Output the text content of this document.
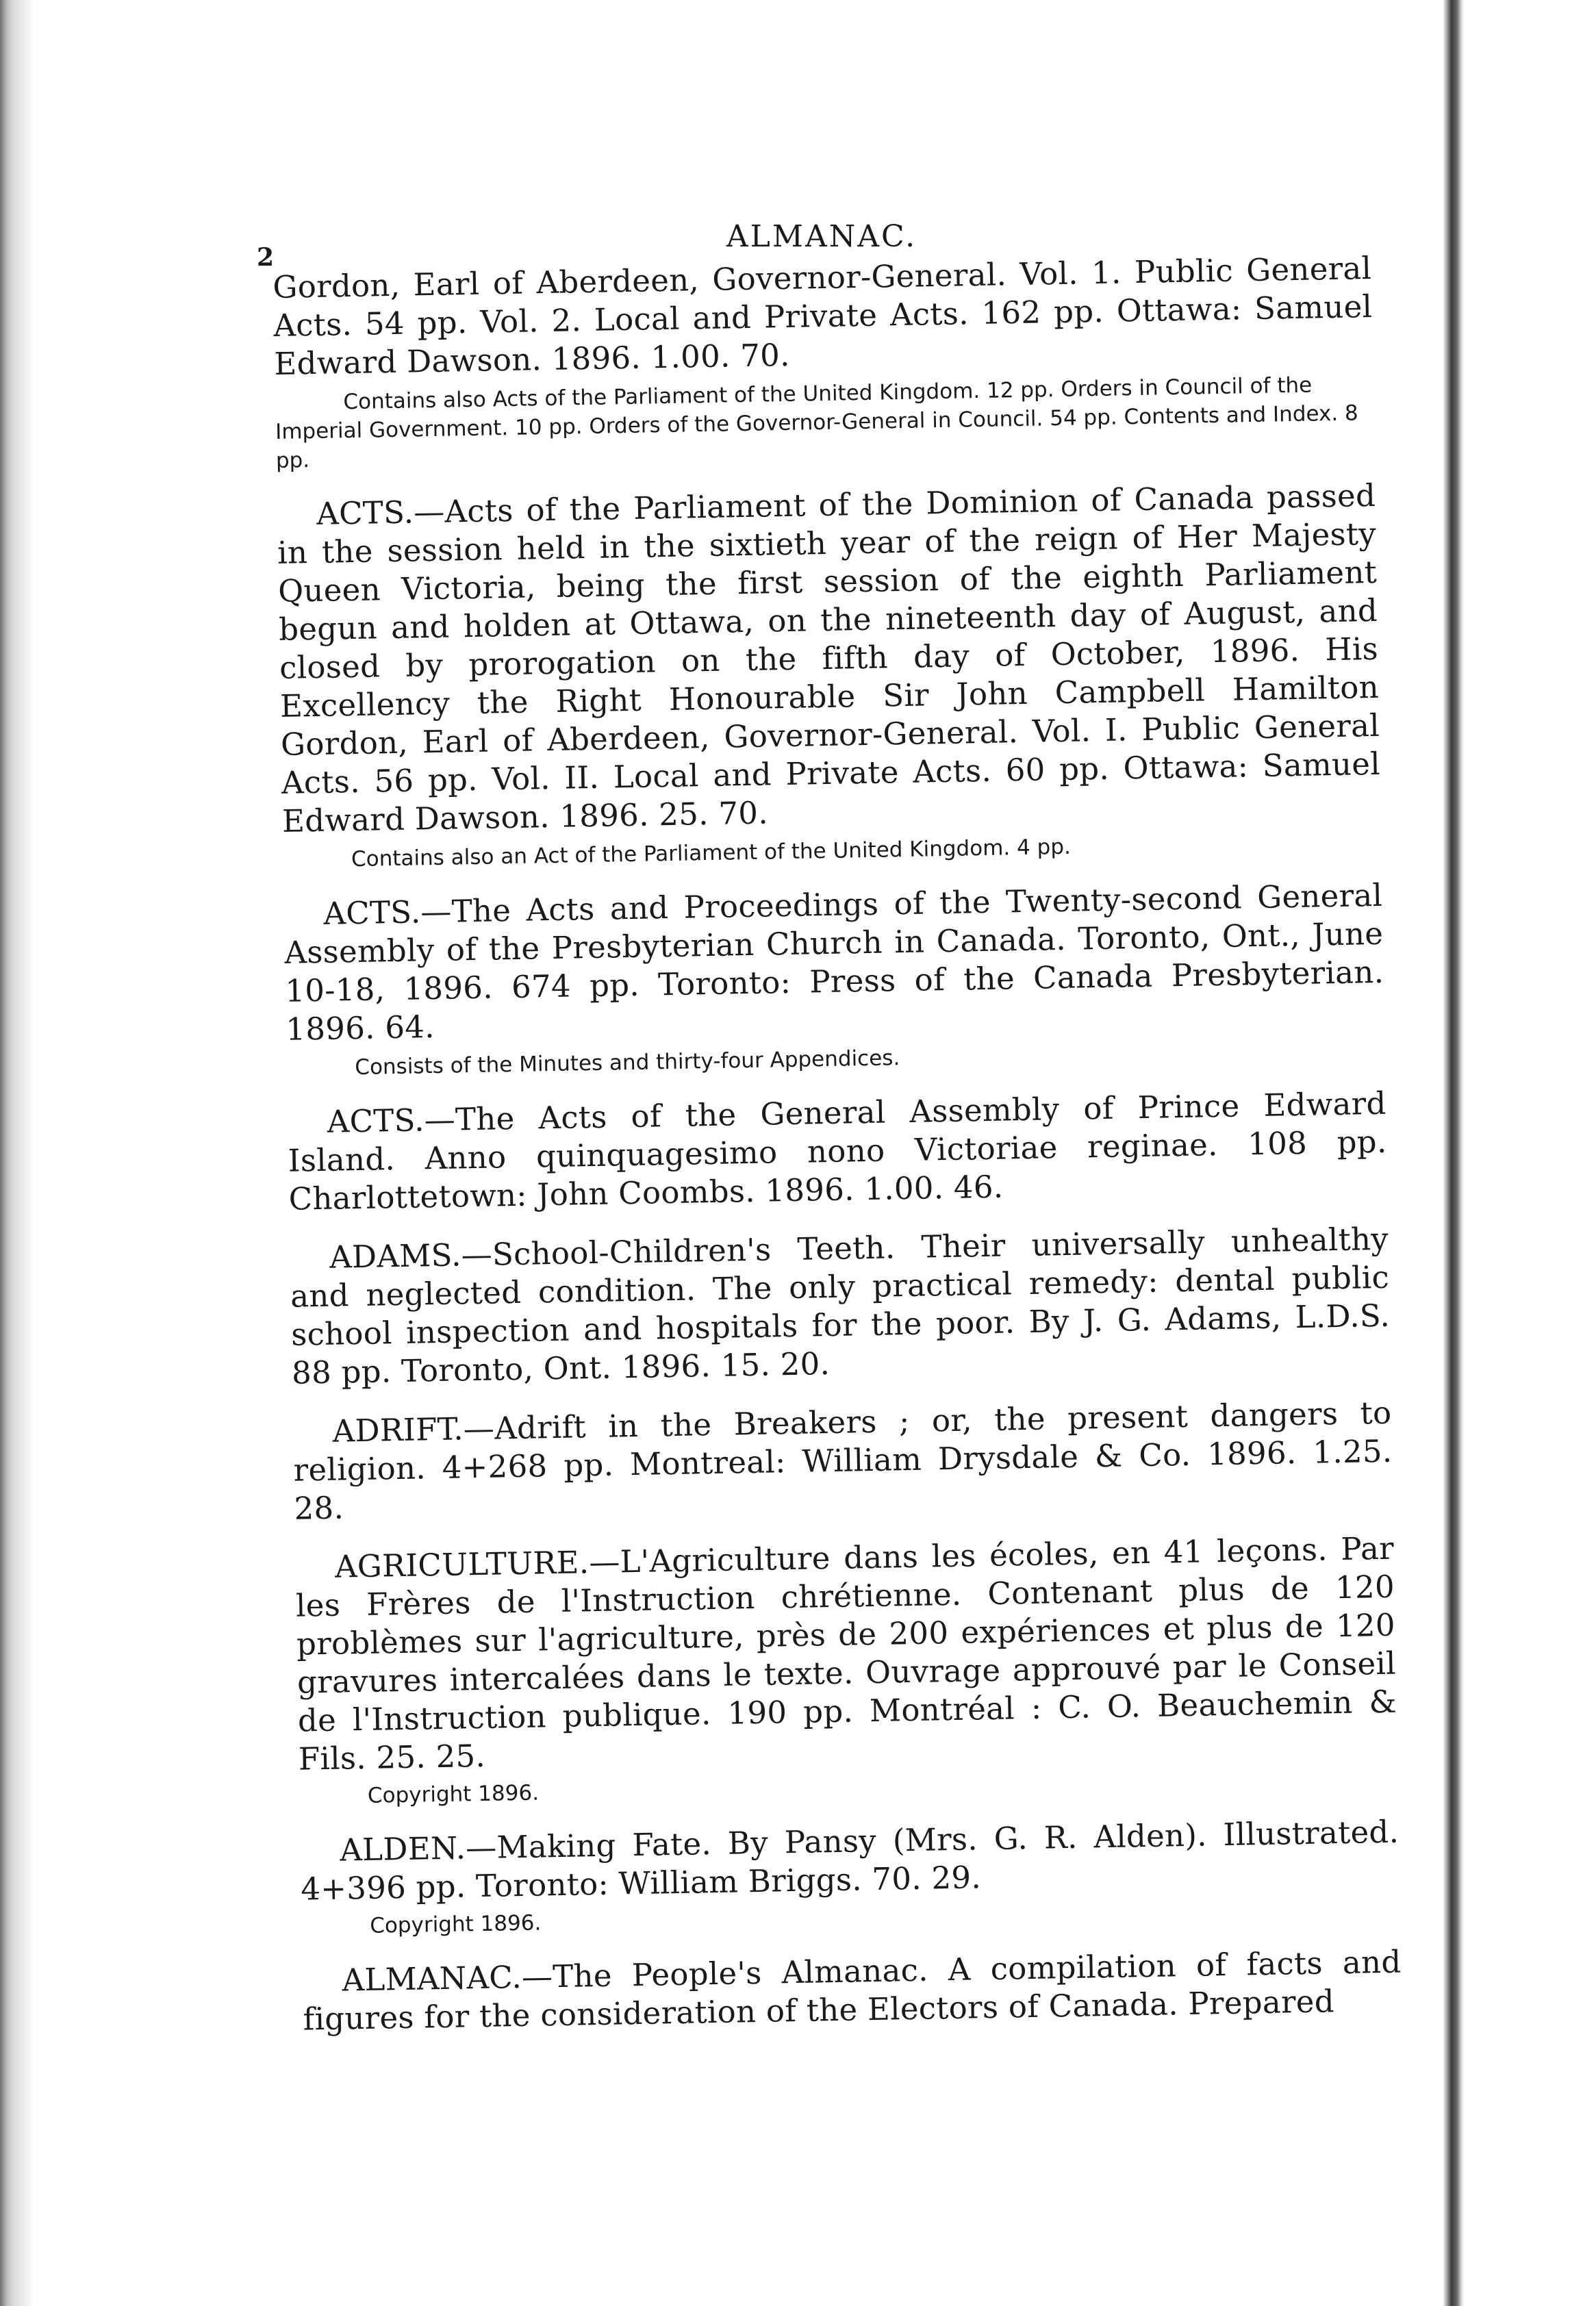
ALMANAC.
2

Gordon, Earl of Aberdeen, Governor-General. Vol. 1. Public General Acts. 54 pp. Vol. 2. Local and Private Acts. 162 pp. Ottawa: Samuel Edward Dawson. 1896. 1.00. 70.

Contains also Acts of the Parliament of the United Kingdom. 12 pp. Orders in Council of the Imperial Government. 10 pp. Orders of the Governor-General in Council. 54 pp. Contents and Index. 8 pp.

ACTS.—Acts of the Parliament of the Dominion of Canada passed in the session held in the sixtieth year of the reign of Her Majesty Queen Victoria, being the first session of the eighth Parliament begun and holden at Ottawa, on the nineteenth day of August, and closed by prorogation on the fifth day of October, 1896. His Excellency the Right Honourable Sir John Campbell Hamilton Gordon, Earl of Aberdeen, Governor-General. Vol. I. Public General Acts. 56 pp. Vol. II. Local and Private Acts. 60 pp. Ottawa: Samuel Edward Dawson. 1896. 25. 70.

Contains also an Act of the Parliament of the United Kingdom. 4 pp.

ACTS.—The Acts and Proceedings of the Twenty-second General Assembly of the Presbyterian Church in Canada. Toronto, Ont., June 10-18, 1896. 674 pp. Toronto: Press of the Canada Presbyterian. 1896. 64.

Consists of the Minutes and thirty-four Appendices.

ACTS.—The Acts of the General Assembly of Prince Edward Island. Anno quinquagesimo nono Victoriae reginae. 108 pp. Charlottetown: John Coombs. 1896. 1.00. 46.

ADAMS.—School-Children's Teeth. Their universally unhealthy and neglected condition. The only practical remedy: dental public school inspection and hospitals for the poor. By J. G. Adams, L.D.S. 88 pp. Toronto, Ont. 1896. 15. 20.

ADRIFT.—Adrift in the Breakers ; or, the present dangers to religion. 4+268 pp. Montreal: William Drysdale & Co. 1896. 1.25. 28.

AGRICULTURE.—L'Agriculture dans les écoles, en 41 leçons. Par les Frères de l'Instruction chrétienne. Contenant plus de 120 problèmes sur l'agriculture, près de 200 expériences et plus de 120 gravures intercalées dans le texte. Ouvrage approuvé par le Conseil de l'Instruction publique. 190 pp. Montréal : C. O. Beauchemin & Fils. 25. 25.

Copyright 1896.

ALDEN.—Making Fate. By Pansy (Mrs. G. R. Alden). Illustrated. 4+396 pp. Toronto: William Briggs. 70. 29.

Copyright 1896.

ALMANAC.—The People's Almanac. A compilation of facts and figures for the consideration of the Electors of Canada. Prepared
